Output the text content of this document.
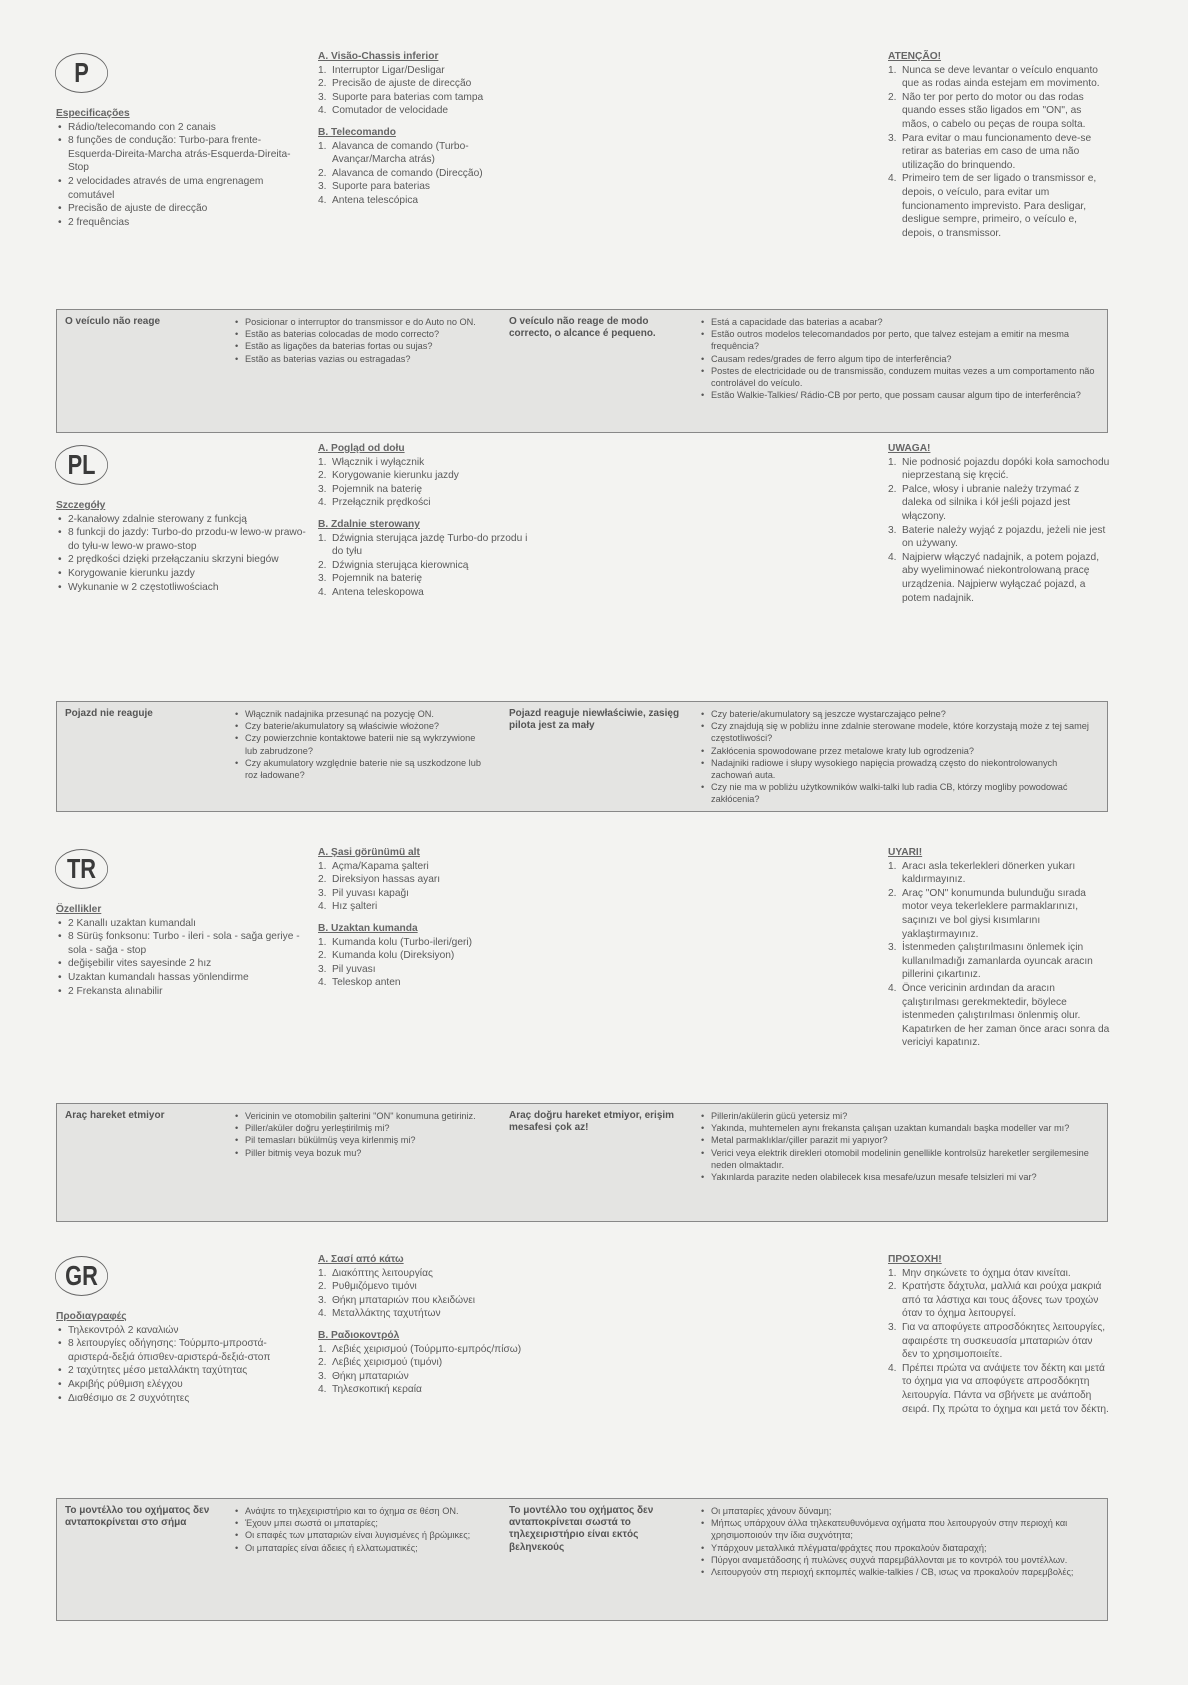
P
Especificações
• Rádio/telecomando con 2 canais
• 8 funções de condução: Turbo-para frente-Esquerda-Direita-Marcha atrás-Esquerda-Direita-Stop
• 2 velocidades através de uma engrenagem comutável
• Precisão de ajuste de direcção
• 2 frequências
A. Visão-Chassis inferior
1. Interruptor Ligar/Desligar
2. Precisão de ajuste de direcção
3. Suporte para baterias com tampa
4. Comutador de velocidade
B. Telecomando
1. Alavanca de comando (Turbo-Avançar/Marcha atrás)
2. Alavanca de comando (Direcção)
3. Suporte para baterias
4. Antena telescópica
ATENÇÃO!
1. Nunca se deve levantar o veículo enquanto que as rodas ainda estejam em movimento.
2. Não ter por perto do motor ou das rodas quando esses stão ligados em "ON", as mãos, o cabelo ou peças de roupa solta.
3. Para evitar o mau funcionamento deve-se retirar as baterias em caso de uma não utilização do brinquendo.
4. Primeiro tem de ser ligado o transmissor e, depois, o veículo, para evitar um funcionamento imprevisto. Para desligar, desligue sempre, primeiro, o veículo e, depois, o transmissor.
O veículo não reage	• Posicionar o interruptor do transmissor e do Auto no ON.
• Estão as baterias colocadas de modo correcto?
• Estão as ligações da baterias fortas ou sujas?
• Estão as baterias vazias ou estragadas?
O veículo não reage de modo correcto, o alcance é pequeno.
• Está a capacidade das baterias a acabar?
• Estão outros modelos telecomandados por perto, que talvez estejam a emitir na mesma frequência?
• Causam redes/grades de ferro algum tipo de interferência?
• Postes de electricidade ou de transmissão, conduzem muitas vezes a um comportamento não controlável do veículo.
• Estão Walkie-Talkies/ Rádio-CB por perto, que possam causar algum tipo de interferência?
PL
Szczegóły
• 2-kanałowy zdalnie sterowany z funkcją
• 8 funkcji do jazdy: Turbo-do przodu-w lewo-w prawo-do tyłu-w lewo-w prawo-stop
• 2 prędkości dzięki przełączaniu skrzyni biegów
• Korygowanie kierunku jazdy
• Wykunanie w 2 częstotliwościach
A. Pogląd od dołu
1. Włącznik i wyłącznik
2. Korygowanie kierunku jazdy
3. Pojemnik na baterię
4. Przełącznik prędkości
B. Zdalnie sterowany
1. Dźwignia sterująca jazdę Turbo-do przodu i do tyłu
2. Dźwignia sterująca kierownicą
3. Pojemnik na baterię
4. Antena teleskopowa
UWAGA!
1. Nie podnosić pojazdu dopóki koła samochodu nieprzestaną się kręcić.
2. Palce, włosy i ubranie należy trzymać z daleka od silnika i kół jeśli pojazd jest włączony.
3. Baterie należy wyjąć z pojazdu, jeżeli nie jest on używany.
4. Najpierw włączyć nadajnik, a potem pojazd, aby wyeliminować niekontrolowaną pracę urządzenia. Najpierw wyłączać pojazd, a potem nadajnik.
Pojazd nie reaguje	• Włącznik nadajnika przesunąć na pozycję ON.
• Czy baterie/akumulatory są właściwie włożone?
• Czy powierzchnie kontaktowe baterii nie są wykrzywione lub zabrudzone?
• Czy akumulatory względnie baterie nie są uszkodzone lub roz ładowane?
Pojazd reaguje niewłaściwie, zasięg pilota jest za mały
• Czy baterie/akumulatory są jeszcze wystarczająco pełne?
• Czy znajdują się w pobliżu inne zdalnie sterowane modele, które korzystają może z tej samej częstotliwości?
• Zakłócenia spowodowane przez metalowe kraty lub ogrodzenia?
• Nadajniki radiowe i słupy wysokiego napięcia prowadzą często do niekontrolowanych zachowań auta.
• Czy nie ma w pobliżu użytkowników walki-talki lub radia CB, którzy mogliby powodować zakłócenia?
TR
Özellikler
• 2 Kanallı uzaktan kumandalı
• 8 Sürüş fonksonu: Turbo - ileri - sola - sağa geriye - sola - sağa - stop
• değişebilir vites sayesinde 2 hız
• Uzaktan kumandalı hassas yönlendirme
• 2 Frekansta alınabilir
A. Şasi görünümü alt
1. Açma/Kapama şalteri
2. Direksiyon hassas ayarı
3. Pil yuvası kapağı
4. Hız şalteri
B. Uzaktan kumanda
1. Kumanda kolu (Turbo-ileri/geri)
2. Kumanda kolu (Direksiyon)
3. Pil yuvası
4. Teleskop anten
UYARI!
1. Aracı asla tekerlekleri dönerken yukarı kaldırmayınız.
2. Araç "ON" konumunda bulunduğu sırada motor veya tekerleklere parmaklarınızı, saçınızı ve bol giysi kısımlarını yaklaştırmayınız.
3. İstenmeden çalıştırılmasını önlemek için kullanılmadığı zamanlarda oyuncak aracın pillerini çıkartınız.
4. Önce vericinin ardından da aracın çalıştırılması gerekmektedir, böylece istenmeden çalıştırılması önlenmiş olur. Kapatırken de her zaman önce aracı sonra da vericiyi kapatınız.
Araç hareket etmiyor	• Vericinin ve otomobilin şalterini "ON" konumuna getiriniz.
• Piller/aküler doğru yerleştirilmiş mi?
• Pil temasları bükülmüş veya kirlenmiş mi?
• Piller bitmiş veya bozuk mu?
Araç doğru hareket etmiyor, erişim mesafesi çok az!
• Pillerin/akülerin gücü yetersiz mi?
• Yakında, muhtemelen aynı frekansta çalışan uzaktan kumandalı başka modeller var mı?
• Metal parmaklıklar/çiller parazit mi yapıyor?
• Verici veya elektrik direkleri otomobil modelinin genellikle kontrolsüz hareketler sergilemesine neden olmaktadır.
• Yakınlarda parazite neden olabilecek kısa mesafe/uzun mesafe telsizleri mi var?
GR
Προδιαγραφές
• Τηλεκοντρόλ 2 καναλιών
• 8 λειτουργίες οδήγησης: Τούρμπο-μπροστά-αριστερά-δεξιά όπισθεν-αριστερά-δεξιά-στοπ
• 2 ταχύτητες μέσο μεταλλάκτη ταχύτητας
• Ακριβής ρύθμιση ελέγχου
• Διαθέσιμο σε 2 συχνότητες
A. Σασί από κάτω
1. Διακόπτης λειτουργίας
2. Ρυθμιζόμενο τιμόνι
3. Θήκη μπαταριών που κλειδώνει
4. Μεταλλάκτης ταχυτήτων
B. Ραδιοκοντρόλ
1. Λεβιές χειρισμού (Τούρμπο-εμπρός/πίσω)
2. Λεβιές χειρισμού (τιμόνι)
3. Θήκη μπαταριών
4. Τηλεσκοπική κεραία
ΠΡΟΣΟΧΗ!
1. Μην σηκώνετε το όχημα όταν κινείται.
2. Κρατήστε δάχτυλα, μαλλιά και ρούχα μακριά από τα λάστιχα και τους άξονες των τροχών όταν το όχημα λειτουργεί.
3. Για να αποφύγετε απροσδόκητες λειτουργίες, αφαιρέστε τη συσκευασία μπαταριών όταν δεν το χρησιμοποιείτε.
4. Πρέπει πρώτα να ανάψετε τον δέκτη και μετά το όχημα για να αποφύγετε απροσδόκητη λειτουργία. Πάντα να σβήνετε με ανάποδη σειρά. Πχ πρώτα το όχημα και μετά τον δέκτη.
Το μοντέλλο του οχήματος δεν ανταποκρίνεται στο σήμα
• Ανάψτε το τηλεχειριστήριο και το όχημα σε θέση ON.
• Έχουν μπει σωστά οι μπαταρίες;
• Οι επαφές των μπαταριών είναι λυγισμένες ή βρώμικες;
• Οι μπαταρίες είναι άδειες ή ελλατωματικές;
Το μοντέλλο του οχήματος δεν ανταποκρίνεται σωστά το τηλεχειριστήριο είναι εκτός βεληνεκούς
• Οι μπαταρίες χάνουν δύναμη;
• Μήπως υπάρχουν άλλα τηλεκατευθυνόμενα οχήματα που λειτουργούν στην περιοχή και χρησιμοποιούν την ίδια συχνότητα;
• Υπάρχουν μεταλλικά πλέγματα/φράχτες που προκαλούν διαταραχή;
• Πύργοι αναμετάδοσης ή πυλώνες συχνά παρεμβάλλονται με το κοντρόλ του μοντέλλων.
• Λειτουργούν στη περιοχή εκπομπές walkie-talkies / CB, ισως να προκαλούν παρεμβολές;
